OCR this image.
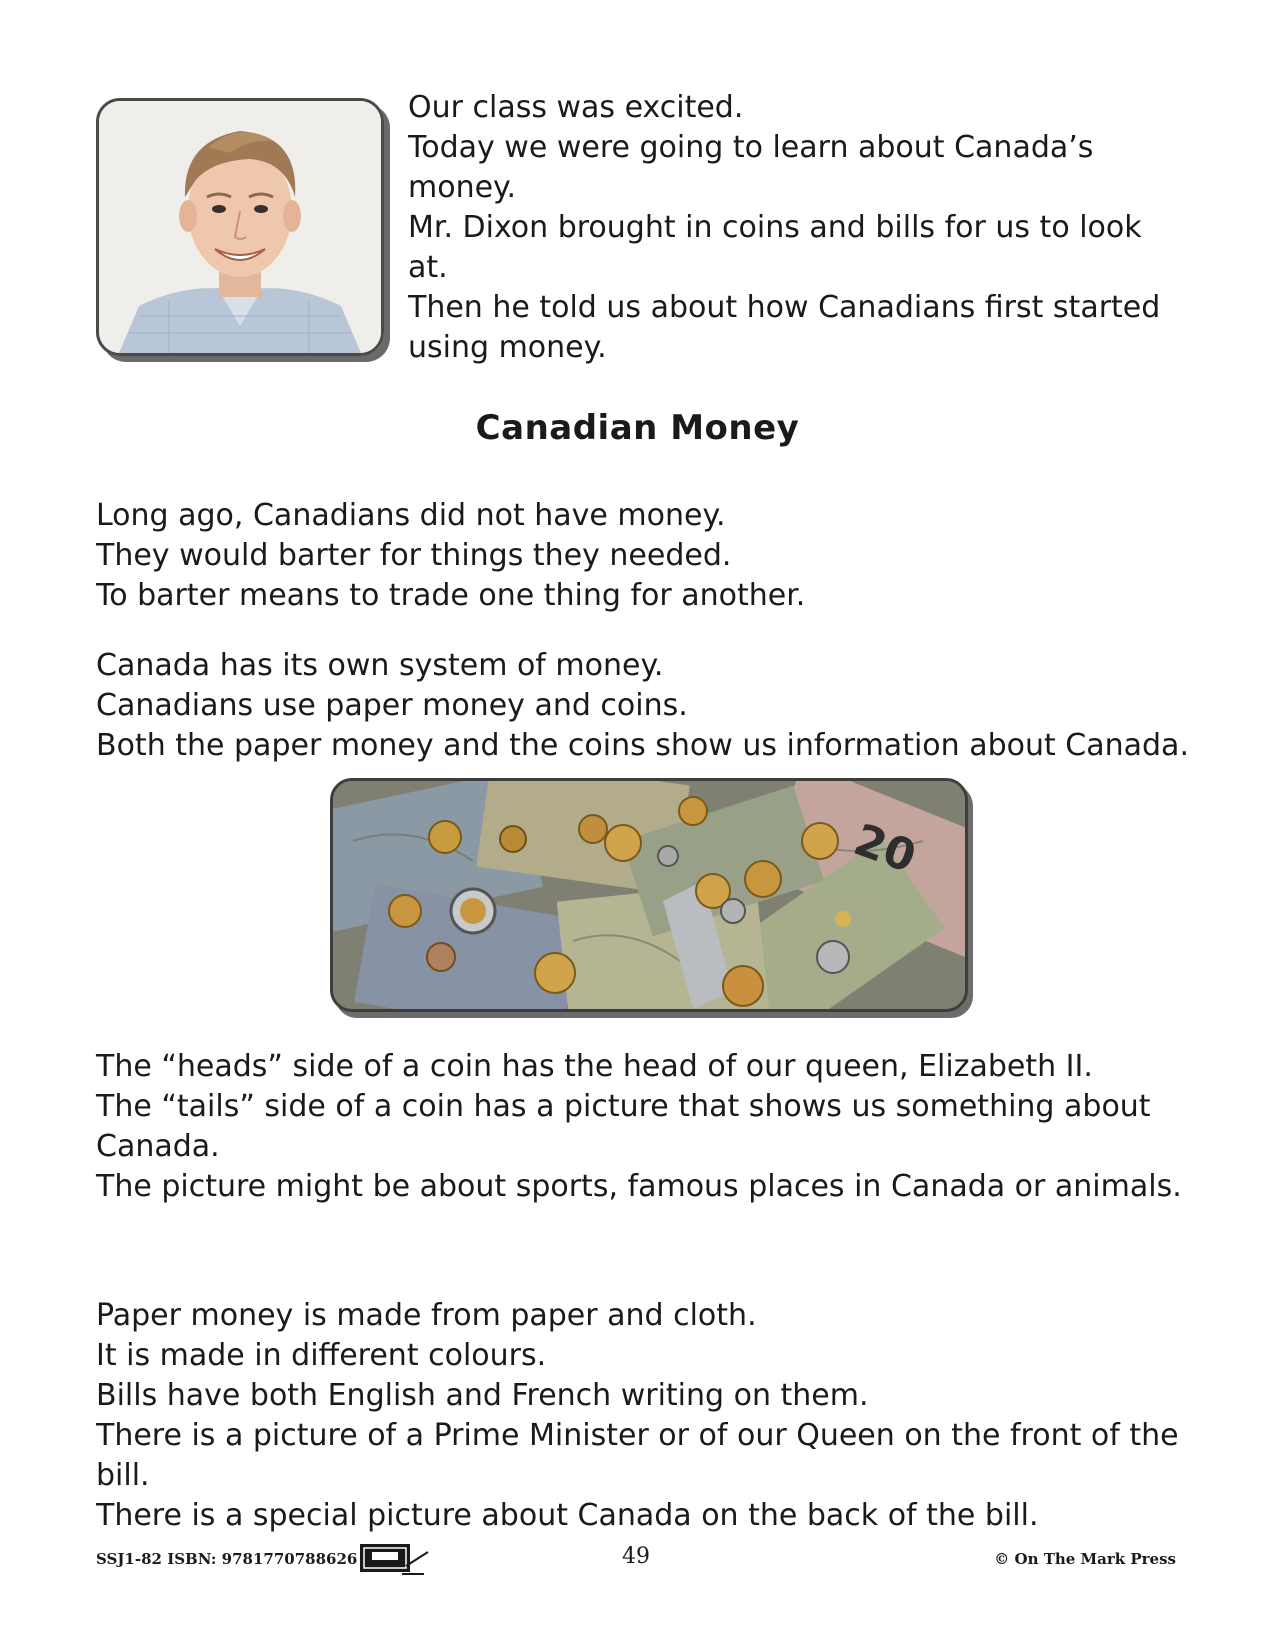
Our class was excited.

Today we were going to learn about Canada’s money.

Mr. Dixon brought in coins and bills for us to look at.

Then he told us about how Canadians first started using money.

Canadian Money

Long ago, Canadians did not have money.

They would barter for things they needed.

To barter means to trade one thing for another.

Canada has its own system of money.

Canadians use paper money and coins.

Both the paper money and the coins show us information about Canada.

20

The “heads” side of a coin has the head of our queen, Elizabeth II.

The “tails” side of a coin has a picture that shows us something about Canada.

The picture might be about sports, famous places in Canada or animals.

Paper money is made from paper and cloth.

It is made in different colours.

Bills have both English and French writing on them.

There is a picture of a Prime Minister or of our Queen on the front of the bill.

There is a special picture about Canada on the back of the bill.

SSJ1-82 ISBN: 9781770788626	49	© On The Mark Press
